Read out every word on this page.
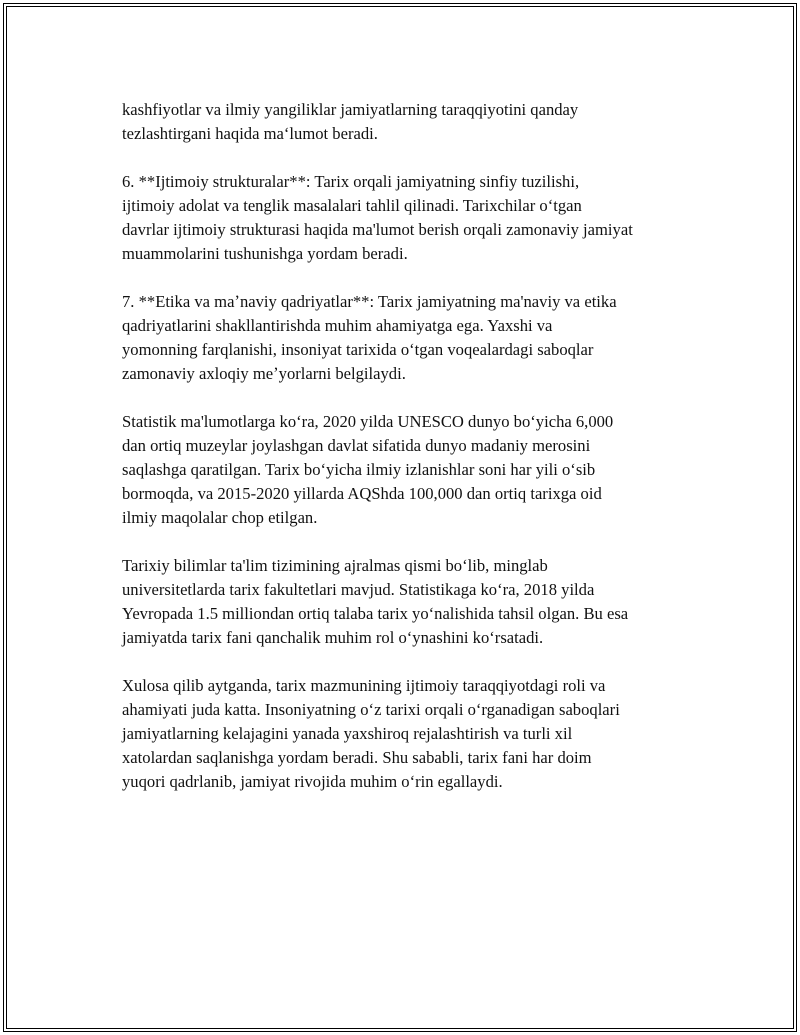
kashfiyotlar va ilmiy yangiliklar jamiyatlarning taraqqiyotini qanday
tezlashtirgani haqida maʻlumot beradi.

6. **Ijtimoiy strukturalar**: Tarix orqali jamiyatning sinfiy tuzilishi,
ijtimoiy adolat va tenglik masalalari tahlil qilinadi. Tarixchilar oʻtgan
davrlar ijtimoiy strukturasi haqida ma'lumot berish orqali zamonaviy jamiyat
muammolarini tushunishga yordam beradi.

7. **Etika va maʼnaviy qadriyatlar**: Tarix jamiyatning ma'naviy va etika
qadriyatlarini shakllantirishda muhim ahamiyatga ega. Yaxshi va
yomonning farqlanishi, insoniyat tarixida oʻtgan voqealardagi saboqlar
zamonaviy axloqiy meʼyorlarni belgilaydi.

Statistik ma'lumotlarga koʻra, 2020 yilda UNESCO dunyo boʻyicha 6,000
dan ortiq muzeylar joylashgan davlat sifatida dunyo madaniy merosini
saqlashga qaratilgan. Tarix boʻyicha ilmiy izlanishlar soni har yili oʻsib
bormoqda, va 2015-2020 yillarda AQShda 100,000 dan ortiq tarixga oid
ilmiy maqolalar chop etilgan.

Tarixiy bilimlar ta'lim tizimining ajralmas qismi boʻlib, minglab
universitetlarda tarix fakultetlari mavjud. Statistikaga koʻra, 2018 yilda
Yevropada 1.5 milliondan ortiq talaba tarix yoʻnalishida tahsil olgan. Bu esa
jamiyatda tarix fani qanchalik muhim rol oʻynashini koʻrsatadi.

Xulosa qilib aytganda, tarix mazmunining ijtimoiy taraqqiyotdagi roli va
ahamiyati juda katta. Insoniyatning oʻz tarixi orqali oʻrganadigan saboqlari
jamiyatlarning kelajagini yanada yaxshiroq rejalashtirish va turli xil
xatolardan saqlanishga yordam beradi. Shu sababli, tarix fani har doim
yuqori qadrlanib, jamiyat rivojida muhim oʻrin egallaydi.
